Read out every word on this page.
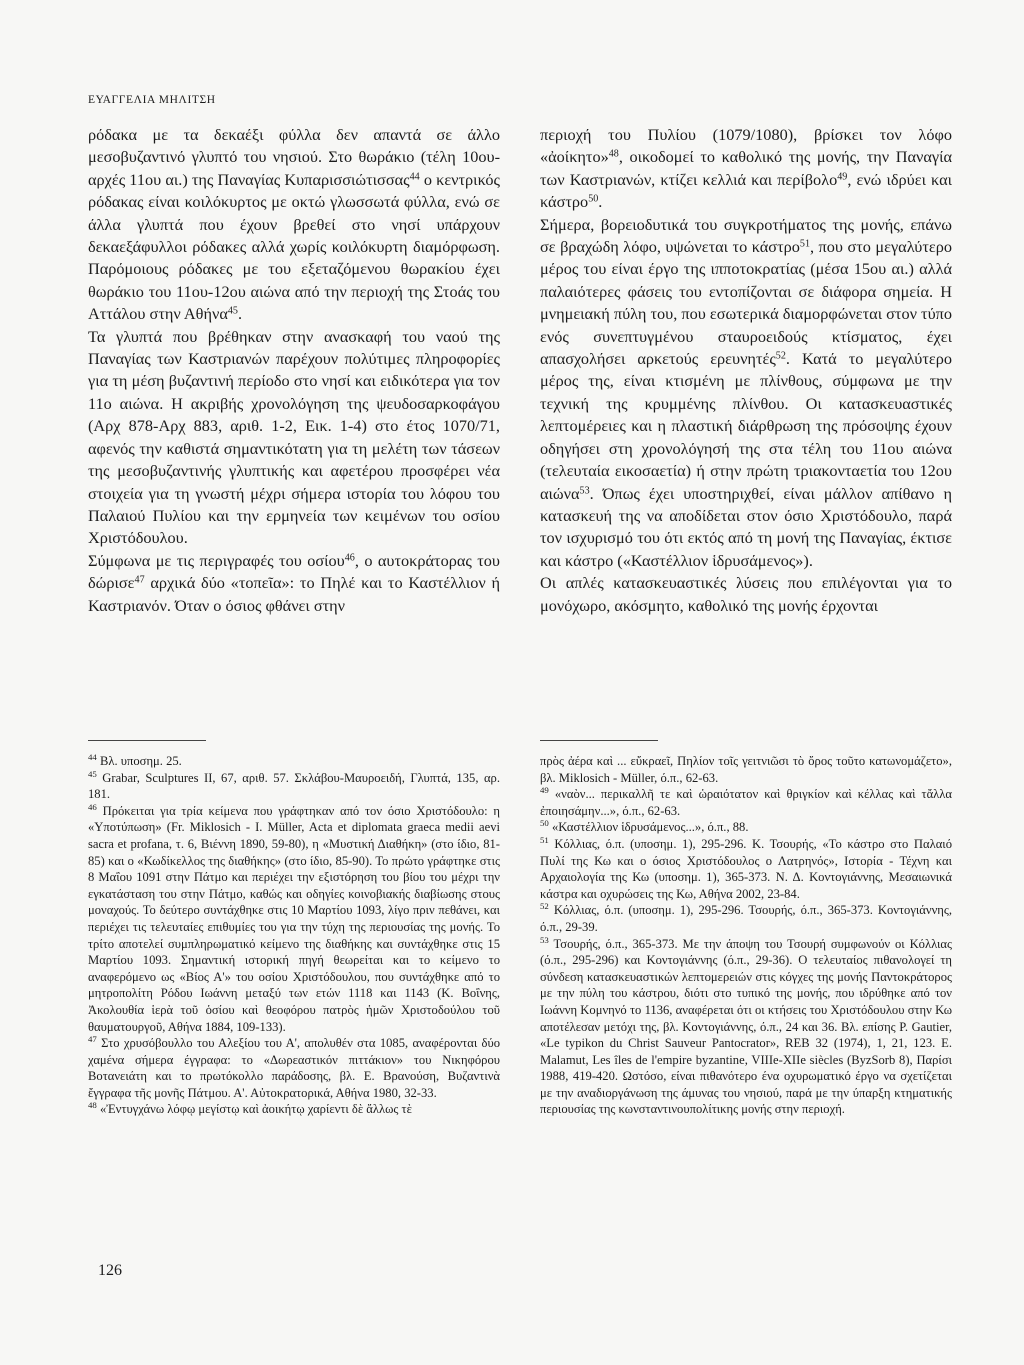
ΕΥΑΓΓΕΛΙΑ ΜΗΛΙΤΣΗ

ρόδακα με τα δεκαέξι φύλλα δεν απαντά σε άλλο μεσοβυζαντινό γλυπτό του νησιού. Στο θωράκιο (τέλη 10ου-αρχές 11ου αι.) της Παναγίας Κυπαρισσιώτισσας$^{44}$ ο κεντρικός ρόδακας είναι κοιλόκυρτος με οκτώ γλωσσωτά φύλλα, ενώ σε άλλα γλυπτά που έχουν βρεθεί στο νησί υπάρχουν δεκαεξάφυλλοι ρόδακες αλλά χωρίς κοιλόκυρτη διαμόρφωση. Παρόμοιους ρόδακες με του εξεταζόμενου θωρακίου έχει θωράκιο του 11ου-12ου αιώνα από την περιοχή της Στοάς του Αττάλου στην Αθήνα$^{45}$.

Τα γλυπτά που βρέθηκαν στην ανασκαφή του ναού της Παναγίας των Καστριανών παρέχουν πολύτιμες πληροφορίες για τη μέση βυζαντινή περίοδο στο νησί και ειδικότερα για τον 11ο αιώνα. Η ακριβής χρονολόγηση της ψευδοσαρκοφάγου (Αρχ 878-Αρχ 883, αριθ. 1-2, Εικ. 1-4) στο έτος 1070/71, αφενός την καθιστά σημαντικότατη για τη μελέτη των τάσεων της μεσοβυζαντινής γλυπτικής και αφετέρου προσφέρει νέα στοιχεία για τη γνωστή μέχρι σήμερα ιστορία του λόφου του Παλαιού Πυλίου και την ερμηνεία των κειμένων του οσίου Χριστόδουλου.

Σύμφωνα με τις περιγραφές του οσίου$^{46}$, ο αυτοκράτορας του δώρισε$^{47}$ αρχικά δύο «τοπεῖα»: το Πηλέ και το Καστέλλιον ή Καστριανόν. Όταν ο όσιος φθάνει στην

περιοχή του Πυλίου (1079/1080), βρίσκει τον λόφο «ἀοίκητο»$^{48}$, οικοδομεί το καθολικό της μονής, την Παναγία των Καστριανών, κτίζει κελλιά και περίβολο$^{49}$, ενώ ιδρύει και κάστρο$^{50}$.

Σήμερα, βορειοδυτικά του συγκροτήματος της μονής, επάνω σε βραχώδη λόφο, υψώνεται το κάστρο$^{51}$, που στο μεγαλύτερο μέρος του είναι έργο της ιπποτοκρατίας (μέσα 15ου αι.) αλλά παλαιότερες φάσεις του εντοπίζονται σε διάφορα σημεία. Η μνημειακή πύλη του, που εσωτερικά διαμορφώνεται στον τύπο ενός συνεπτυγμένου σταυροειδούς κτίσματος, έχει απασχολήσει αρκετούς ερευνητές$^{52}$. Κατά το μεγαλύτερο μέρος της, είναι κτισμένη με πλίνθους, σύμφωνα με την τεχνική της κρυμμένης πλίνθου. Οι κατασκευαστικές λεπτομέρειες και η πλαστική διάρθρωση της πρόσοψης έχουν οδηγήσει στη χρονολόγησή της στα τέλη του 11ου αιώνα (τελευταία εικοσαετία) ή στην πρώτη τριακονταετία του 12ου αιώνα$^{53}$. Όπως έχει υποστηριχθεί, είναι μάλλον απίθανο η κατασκευή της να αποδίδεται στον όσιο Χριστόδουλο, παρά τον ισχυρισμό του ότι εκτός από τη μονή της Παναγίας, έκτισε και κάστρο («Καστέλλιον ἱδρυσάμενος»).

Οι απλές κατασκευαστικές λύσεις που επιλέγονται για το μονόχωρο, ακόσμητο, καθολικό της μονής έρχονται

$^{44}$ Βλ. υποσημ. 25.

$^{45}$ Grabar, Sculptures II, 67, αριθ. 57. Σκλάβου-Μαυροειδή, Γλυπτά, 135, αρ. 181.

$^{46}$ Πρόκειται για τρία κείμενα που γράφτηκαν από τον όσιο Χριστόδουλο: η «Υποτύπωση» (Fr. Miklosich - I. Müller, Acta et diplomata graeca medii aevi sacra et profana, τ. 6, Βιέννη 1890, 59-80), η «Μυστική Διαθήκη» (στο ίδιο, 81-85) και ο «Κωδίκελλος της διαθήκης» (στο ίδιο, 85-90). Το πρώτο γράφτηκε στις 8 Μαΐου 1091 στην Πάτμο και περιέχει την εξιστόρηση του βίου του μέχρι την εγκατάσταση του στην Πάτμο, καθώς και οδηγίες κοινοβιακής διαβίωσης στους μοναχούς. Το δεύτερο συντάχθηκε στις 10 Μαρτίου 1093, λίγο πριν πεθάνει, και περιέχει τις τελευταίες επιθυμίες του για την τύχη της περιουσίας της μονής. Το τρίτο αποτελεί συμπληρωματικό κείμενο της διαθήκης και συντάχθηκε στις 15 Μαρτίου 1093. Σημαντική ιστορική πηγή θεωρείται και το κείμενο το αναφερόμενο ως «Βίος Α'» του οσίου Χριστόδουλου, που συντάχθηκε από το μητροπολίτη Ρόδου Ιωάννη μεταξύ των ετών 1118 και 1143 (Κ. Βοΐνης, Ἀκολουθία ἱερὰ τοῦ ὁσίου καὶ θεοφόρου πατρὸς ἡμῶν Χριστοδούλου τοῦ θαυματουργοῦ, Αθήνα 1884, 109-133).

$^{47}$ Στο χρυσόβουλλο του Αλεξίου του Α', απολυθέν στα 1085, αναφέρονται δύο χαμένα σήμερα έγγραφα: το «Δωρεαστικόν πιττάκιον» του Νικηφόρου Βοτανειάτη και το πρωτόκολλο παράδοσης, βλ. Ε. Βρανούση, Βυζαντινὰ ἔγγραφα τῆς μονῆς Πάτμου. Α'. Αὐτοκρατορικά, Αθήνα 1980, 32-33.

$^{48}$ «Ἐντυγχάνω λόφῳ μεγίστῳ καὶ ἀοικήτῳ χαρίεντι δὲ ἄλλως τὲ

πρὸς ἀέρα καὶ ... εὔκραεῖ, Πηλίον τοῖς γειτνιῶσι τὸ ὄρος τοῦτο κατωνομάζετο», βλ. Miklosich - Müller, ό.π., 62-63.

$^{49}$ «ναὸν... περικαλλῆ τε καὶ ὡραιότατον καὶ θριγκίον καὶ κέλλας καὶ τἄλλα ἐποιησάμην...», ό.π., 62-63.

$^{50}$ «Καστέλλιον ἱδρυσάμενος...», ό.π., 88.

$^{51}$ Κόλλιας, ό.π. (υποσημ. 1), 295-296. Κ. Τσουρής, «Το κάστρο στο Παλαιό Πυλί της Κω και ο όσιος Χριστόδουλος ο Λατρηνός», Ιστορία - Τέχνη και Αρχαιολογία της Κω (υποσημ. 1), 365-373. Ν. Δ. Κοντογιάννης, Μεσαιωνικά κάστρα και οχυρώσεις της Κω, Αθήνα 2002, 23-84.

$^{52}$ Κόλλιας, ό.π. (υποσημ. 1), 295-296. Τσουρής, ό.π., 365-373. Κοντογιάννης, ό.π., 29-39.

$^{53}$ Τσουρής, ό.π., 365-373. Με την άποψη του Τσουρή συμφωνούν οι Κόλλιας (ό.π., 295-296) και Κοντογιάννης (ό.π., 29-36). Ο τελευταίος πιθανολογεί τη σύνδεση κατασκευαστικών λεπτομερειών στις κόγχες της μονής Παντοκράτορος με την πύλη του κάστρου, διότι στο τυπικό της μονής, που ιδρύθηκε από τον Ιωάννη Κομνηνό το 1136, αναφέρεται ότι οι κτήσεις του Χριστόδουλου στην Κω αποτέλεσαν μετόχι της, βλ. Κοντογιάννης, ό.π., 24 και 36. Βλ. επίσης P. Gautier, «Le typikon du Christ Sauveur Pantocrator», REB 32 (1974), 1, 21, 123. E. Malamut, Les îles de l'empire byzantine, VIIIe-XIIe siècles (ByzSorb 8), Παρίσι 1988, 419-420. Ωστόσο, είναι πιθανότερο ένα οχυρωματικό έργο να σχετίζεται με την αναδιοργάνωση της άμυνας του νησιού, παρά με την ύπαρξη κτηματικής περιουσίας της κωνσταντινουπολίτικης μονής στην περιοχή.

126
